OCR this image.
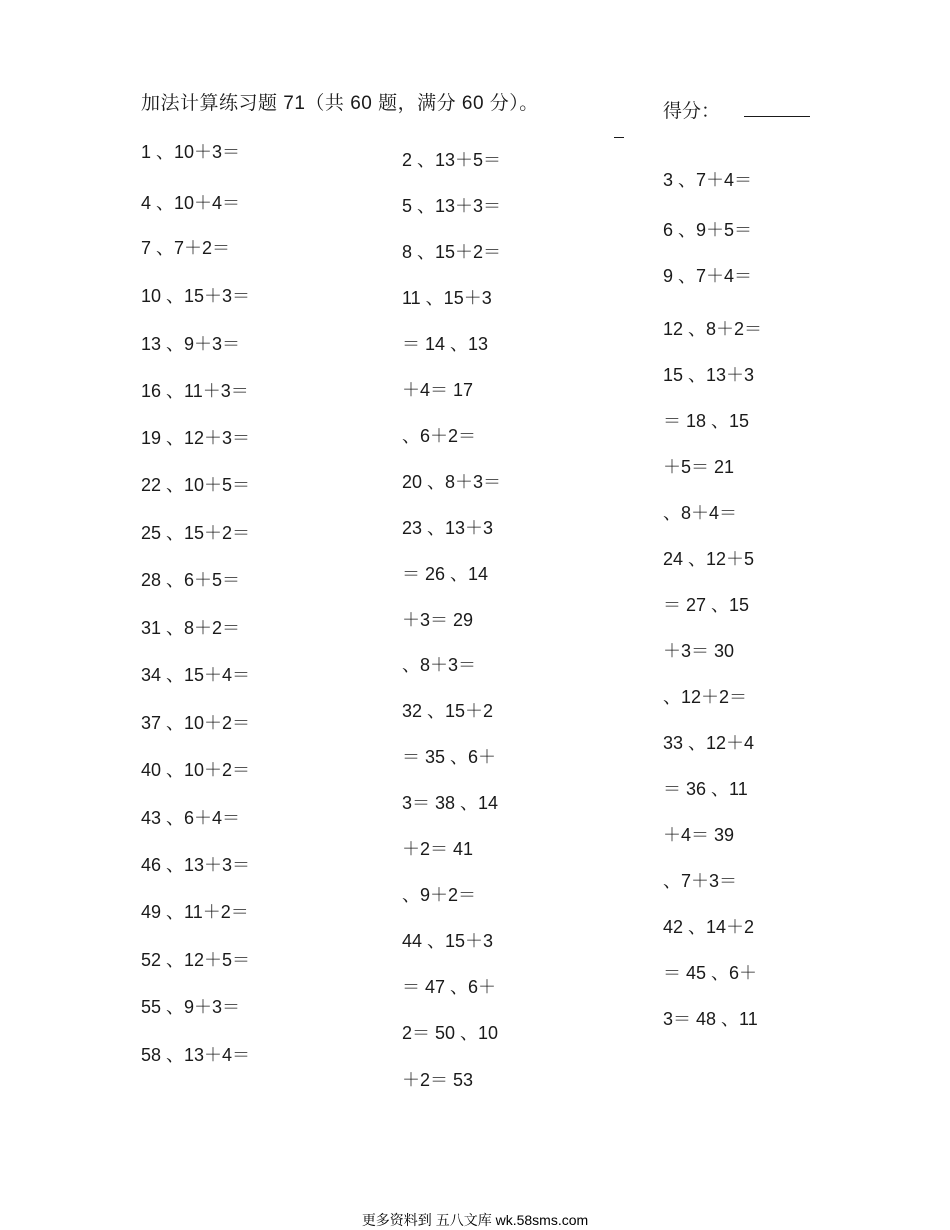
加法计算练习题 71（共 60 题，满分 60 分）。	得分：
1 、10＋3＝
4 、10＋4＝
7 、7＋2＝
10 、15＋3＝
13 、9＋3＝
16 、11＋3＝
19 、12＋3＝
22 、10＋5＝
25 、15＋2＝
28 、6＋5＝
31 、8＋2＝
34 、15＋4＝
37 、10＋2＝
40 、10＋2＝
43 、6＋4＝
46 、13＋3＝
49 、11＋2＝
52 、12＋5＝
55 、9＋3＝
58 、13＋4＝
2 、13＋5＝
5 、13＋3＝
8 、15＋2＝
11 、15＋3
＝ 14 、13
＋4＝ 17
、6＋2＝
20 、8＋3＝
23 、13＋3
＝ 26 、14
＋3＝ 29
、8＋3＝
32 、15＋2
＝ 35 、6＋
3＝ 38 、14
＋2＝ 41
、9＋2＝
44 、15＋3
＝ 47 、6＋
2＝ 50 、10
＋2＝ 53
3 、7＋4＝
6 、9＋5＝
9 、7＋4＝
12 、8＋2＝
15 、13＋3
＝ 18 、15
＋5＝ 21
、8＋4＝
24 、12＋5
＝ 27 、15
＋3＝ 30
、12＋2＝
33 、12＋4
＝ 36 、11
＋4＝ 39
、7＋3＝
42 、14＋2
＝ 45 、6＋
3＝ 48 、11
更多资料到 五八文库 wk.58sms.com
